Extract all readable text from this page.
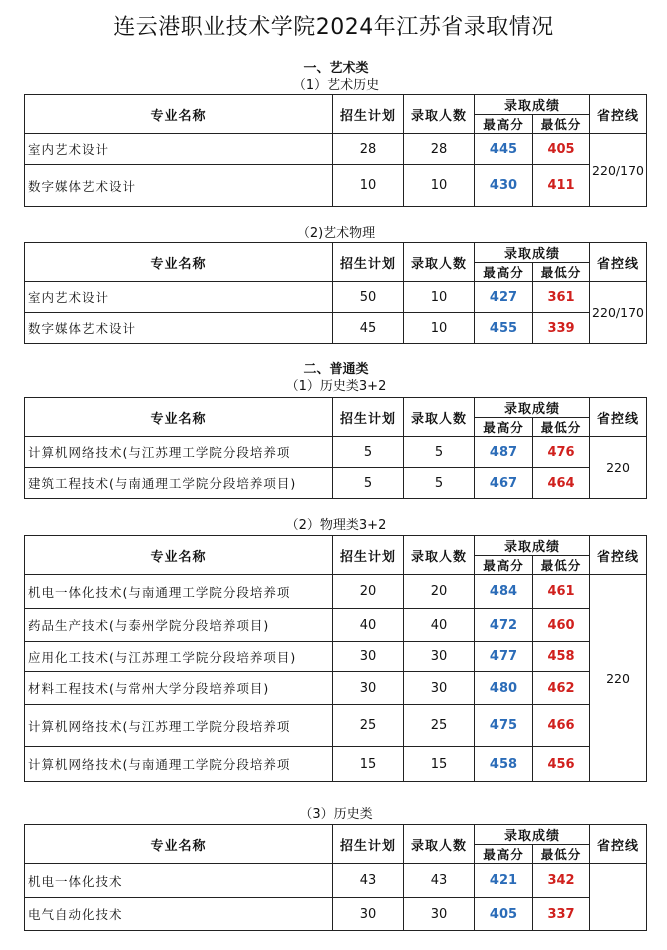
连云港职业技术学院2024年江苏省录取情况
一、艺术类
（1）艺术历史
专业名称	招生计划	录取人数	录取成绩		省控线
			最高分	最低分	
室内艺术设计	28	28	445	405	220/170
数字媒体艺术设计	10	10	430	411	
（2)艺术物理
专业名称	招生计划	录取人数	录取成绩		省控线
			最高分	最低分	
室内艺术设计	50	10	427	361	220/170
数字媒体艺术设计	45	10	455	339	
二、普通类
（1）历史类3+2
专业名称	招生计划	录取人数	录取成绩		省控线
			最高分	最低分	
计算机网络技术(与江苏理工学院分段培养项	5	5	487	476	220
建筑工程技术(与南通理工学院分段培养项目)	5	5	467	464	
（2）物理类3+2
专业名称	招生计划	录取人数	录取成绩		省控线
			最高分	最低分	
机电一体化技术(与南通理工学院分段培养项	20	20	484	461	220
药品生产技术(与泰州学院分段培养项目)	40	40	472	460	
应用化工技术(与江苏理工学院分段培养项目)	30	30	477	458	
材料工程技术(与常州大学分段培养项目)	30	30	480	462	
计算机网络技术(与江苏理工学院分段培养项	25	25	475	466	
计算机网络技术(与南通理工学院分段培养项	15	15	458	456	
（3）历史类
专业名称	招生计划	录取人数	录取成绩		省控线
			最高分	最低分	
机电一体化技术	43	43	421	342	
电气自动化技术	30	30	405	337	
